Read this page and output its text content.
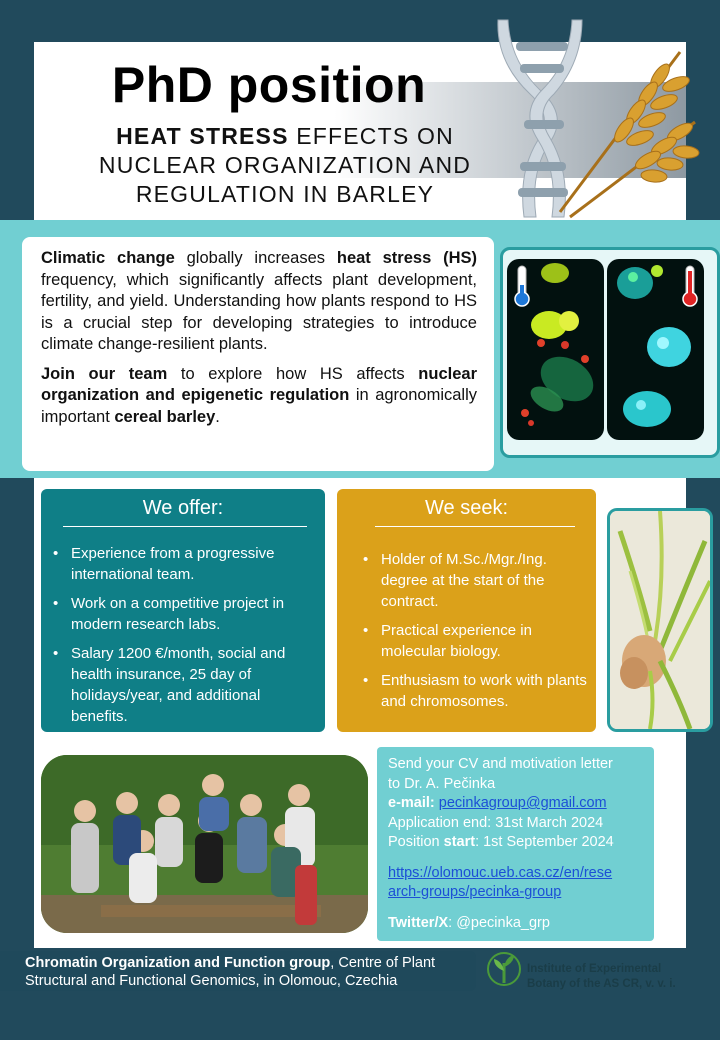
PhD position
HEAT STRESS EFFECTS ON
NUCLEAR ORGANIZATION AND
REGULATION IN BARLEY

Climatic change globally increases heat stress (HS) frequency, which significantly affects plant development, fertility, and yield. Understanding how plants respond to HS is a crucial step for developing strategies to introduce climate change-resilient plants.

Join our team to explore how HS affects nuclear organization and epigenetic regulation in agronomically important cereal barley.

We offer:
• Experience from a progressive international team.
• Work on a competitive project in modern research labs.
• Salary 1200 €/month, social and health insurance, 25 day of holidays/year, and additional benefits.
We seek:
• Holder of M.Sc./Mgr./Ing. degree at the start of the contract.
• Practical experience in molecular biology.
• Enthusiasm to work with plants and chromosomes.
Send your CV and motivation letter
to Dr. A. Pečinka
e-mail: pecinkagroup@gmail.com
Application end: 31st March 2024
Position start: 1st September 2024
https://olomouc.ueb.cas.cz/en/rese
arch-groups/pecinka-group
Twitter/X: @pecinka_grp
Chromatin Organization and Function group, Centre of Plant Structural and Functional Genomics, in Olomouc, Czechia
Institute of Experimental
Botany of the AS CR, v. v. i.
